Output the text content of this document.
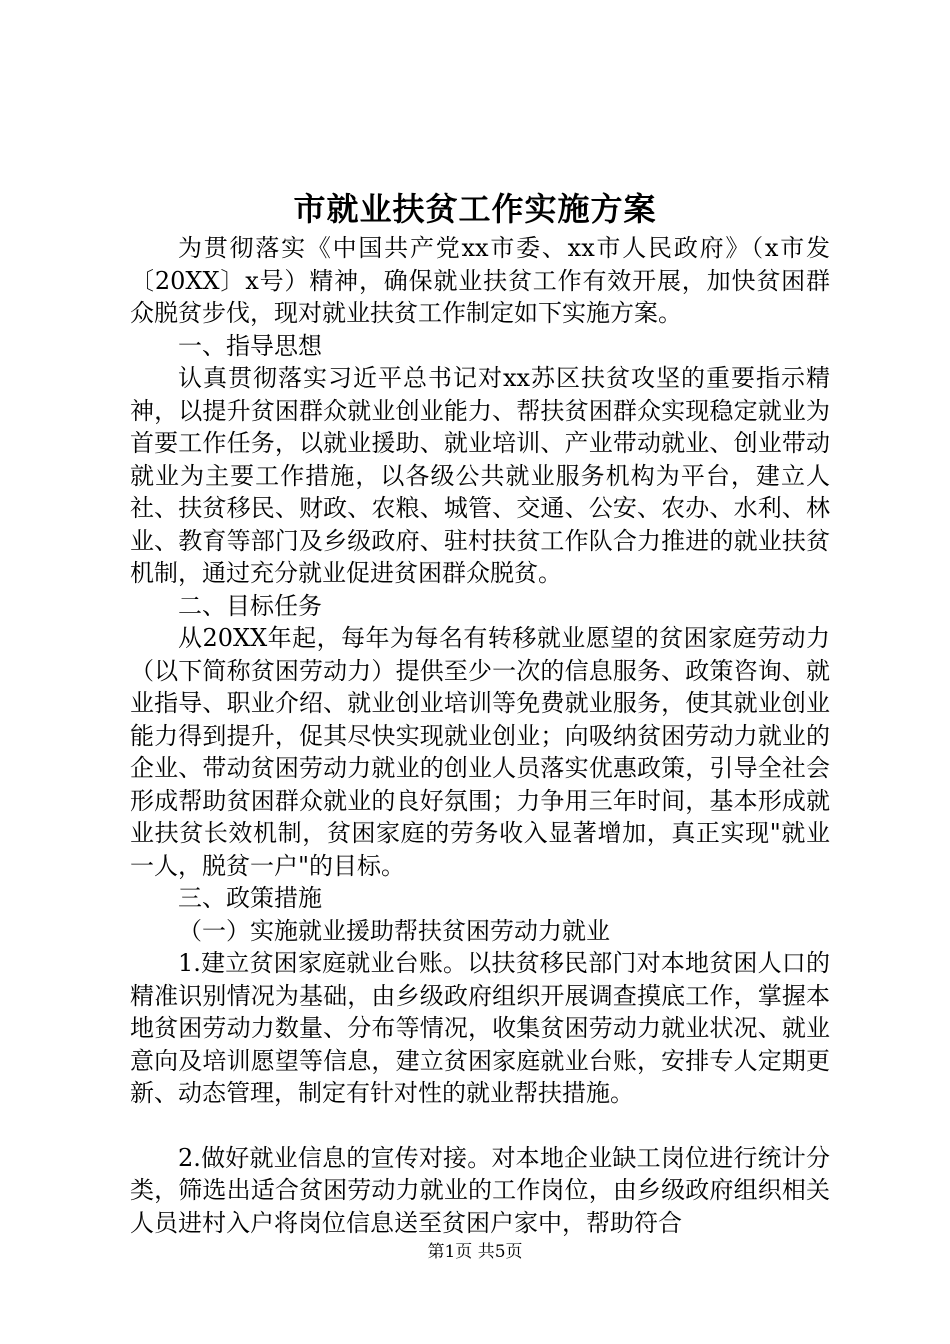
市就业扶贫工作实施方案

为贯彻落实《中国共产党xx市委、xx市人民政府》（x市发〔20XX〕x号）精神，确保就业扶贫工作有效开展，加快贫困群众脱贫步伐，现对就业扶贫工作制定如下实施方案。

一、指导思想

认真贯彻落实习近平总书记对xx苏区扶贫攻坚的重要指示精神，以提升贫困群众就业创业能力、帮扶贫困群众实现稳定就业为首要工作任务，以就业援助、就业培训、产业带动就业、创业带动就业为主要工作措施，以各级公共就业服务机构为平台，建立人社、扶贫移民、财政、农粮、城管、交通、公安、农办、水利、林业、教育等部门及乡级政府、驻村扶贫工作队合力推进的就业扶贫机制，通过充分就业促进贫困群众脱贫。

二、目标任务

从20XX年起，每年为每名有转移就业愿望的贫困家庭劳动力（以下简称贫困劳动力）提供至少一次的信息服务、政策咨询、就业指导、职业介绍、就业创业培训等免费就业服务，使其就业创业能力得到提升，促其尽快实现就业创业；向吸纳贫困劳动力就业的企业、带动贫困劳动力就业的创业人员落实优惠政策，引导全社会形成帮助贫困群众就业的良好氛围；力争用三年时间，基本形成就业扶贫长效机制，贫困家庭的劳务收入显著增加，真正实现"就业一人，脱贫一户"的目标。

三、政策措施

（一）实施就业援助帮扶贫困劳动力就业

1.建立贫困家庭就业台账。以扶贫移民部门对本地贫困人口的精准识别情况为基础，由乡级政府组织开展调查摸底工作，掌握本地贫困劳动力数量、分布等情况，收集贫困劳动力就业状况、就业意向及培训愿望等信息，建立贫困家庭就业台账，安排专人定期更新、动态管理，制定有针对性的就业帮扶措施。

2.做好就业信息的宣传对接。对本地企业缺工岗位进行统计分类，筛选出适合贫困劳动力就业的工作岗位，由乡级政府组织相关人员进村入户将岗位信息送至贫困户家中，帮助符合

第1页 共5页
